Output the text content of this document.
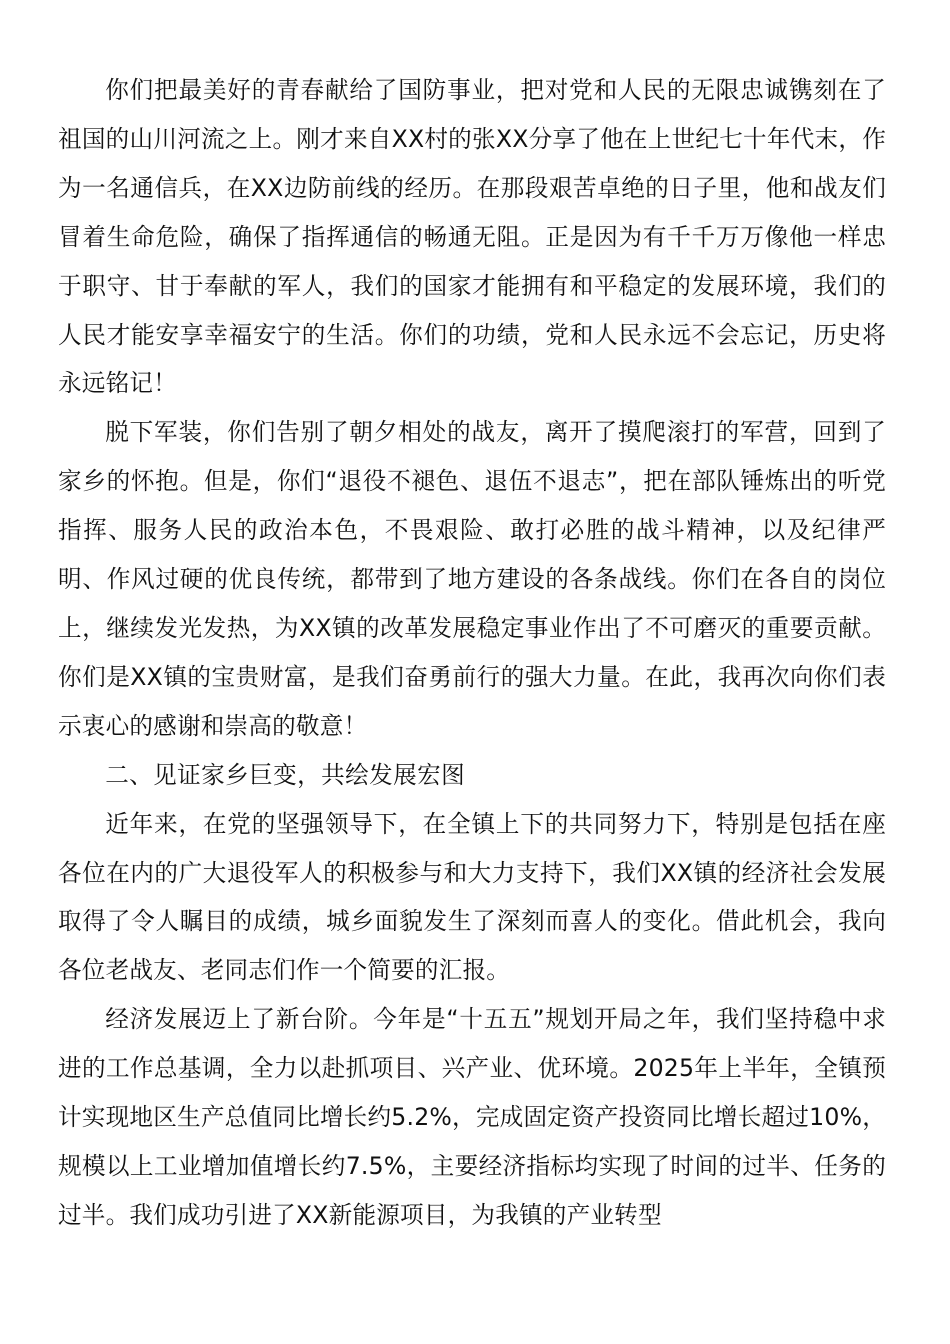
你们把最美好的青春献给了国防事业，把对党和人民的无限忠诚镌刻在了祖国的山川河流之上。刚才来自XX村的张XX分享了他在上世纪七十年代末，作为一名通信兵，在XX边防前线的经历。在那段艰苦卓绝的日子里，他和战友们冒着生命危险，确保了指挥通信的畅通无阻。正是因为有千千万万像他一样忠于职守、甘于奉献的军人，我们的国家才能拥有和平稳定的发展环境，我们的人民才能安享幸福安宁的生活。你们的功绩，党和人民永远不会忘记，历史将永远铭记！

脱下军装，你们告别了朝夕相处的战友，离开了摸爬滚打的军营，回到了家乡的怀抱。但是，你们“退役不褪色、退伍不退志”，把在部队锤炼出的听党指挥、服务人民的政治本色，不畏艰险、敢打必胜的战斗精神，以及纪律严明、作风过硬的优良传统，都带到了地方建设的各条战线。你们在各自的岗位上，继续发光发热，为XX镇的改革发展稳定事业作出了不可磨灭的重要贡献。你们是XX镇的宝贵财富，是我们奋勇前行的强大力量。在此，我再次向你们表示衷心的感谢和崇高的敬意！

二、见证家乡巨变，共绘发展宏图

近年来，在党的坚强领导下，在全镇上下的共同努力下，特别是包括在座各位在内的广大退役军人的积极参与和大力支持下，我们XX镇的经济社会发展取得了令人瞩目的成绩，城乡面貌发生了深刻而喜人的变化。借此机会，我向各位老战友、老同志们作一个简要的汇报。

经济发展迈上了新台阶。今年是“十五五”规划开局之年，我们坚持稳中求进的工作总基调，全力以赴抓项目、兴产业、优环境。2025年上半年，全镇预计实现地区生产总值同比增长约5.2%，完成固定资产投资同比增长超过10%，规模以上工业增加值增长约7.5%，主要经济指标均实现了时间的过半、任务的过半。我们成功引进了XX新能源项目，为我镇的产业转型
